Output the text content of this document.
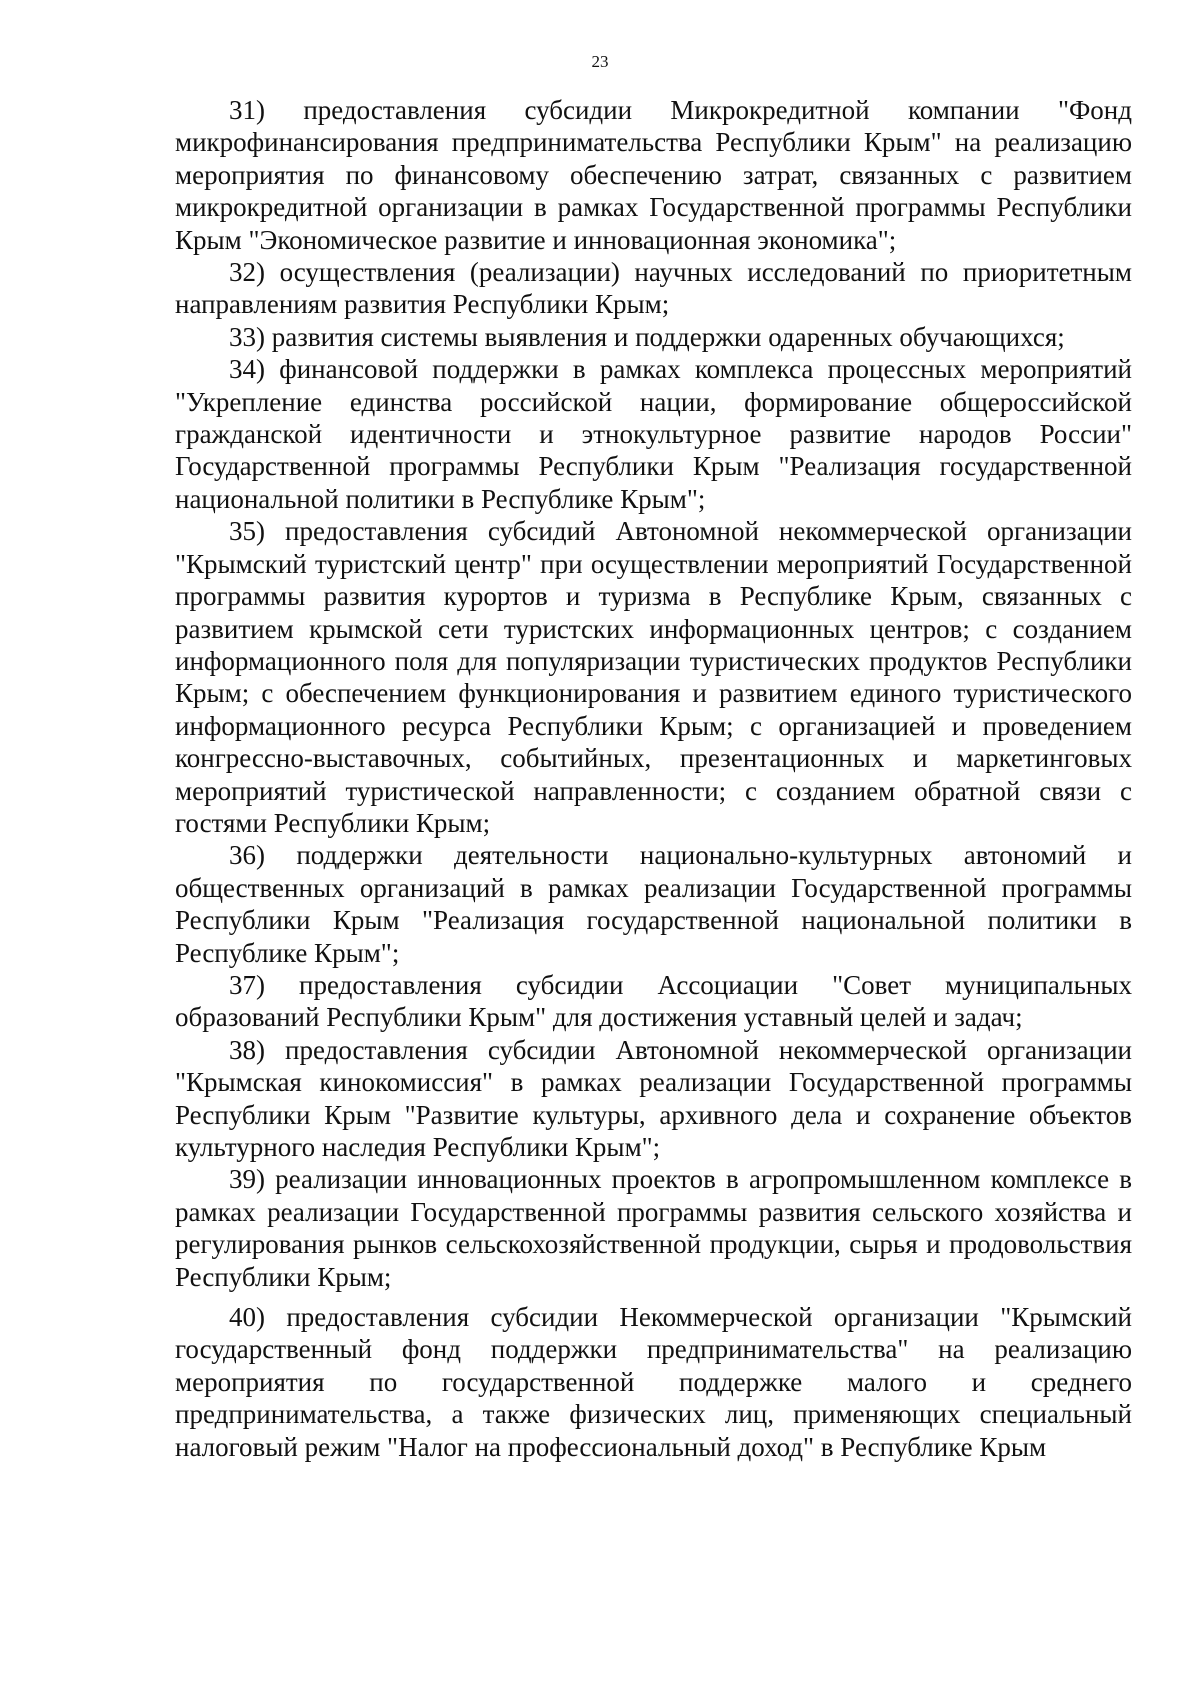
23

31) предоставления субсидии Микрокредитной компании "Фонд микрофинансирования предпринимательства Республики Крым" на реализацию мероприятия по финансовому обеспечению затрат, связанных с развитием микрокредитной организации в рамках Государственной программы Республики Крым "Экономическое развитие и инновационная экономика";

32) осуществления (реализации) научных исследований по приоритетным направлениям развития Республики Крым;

33) развития системы выявления и поддержки одаренных обучающихся;

34) финансовой поддержки в рамках комплекса процессных мероприятий "Укрепление единства российской нации, формирование общероссийской гражданской идентичности и этнокультурное развитие народов России" Государственной программы Республики Крым "Реализация государственной национальной политики в Республике Крым";

35) предоставления субсидий Автономной некоммерческой организации "Крымский туристский центр" при осуществлении мероприятий Государственной программы развития курортов и туризма в Республике Крым, связанных с развитием крымской сети туристских информационных центров; с созданием информационного поля для популяризации туристических продуктов Республики Крым; с обеспечением функционирования и развитием единого туристического информационного ресурса Республики Крым; с организацией и проведением конгрессно-выставочных, событийных, презентационных и маркетинговых мероприятий туристической направленности; с созданием обратной связи с гостями Республики Крым;

36) поддержки деятельности национально-культурных автономий и общественных организаций в рамках реализации Государственной программы Республики Крым "Реализация государственной национальной политики в Республике Крым";

37) предоставления субсидии Ассоциации "Совет муниципальных образований Республики Крым" для достижения уставный целей и задач;

38) предоставления субсидии Автономной некоммерческой организации "Крымская кинокомиссия" в рамках реализации Государственной программы Республики Крым "Развитие культуры, архивного дела и сохранение объектов культурного наследия Республики Крым";

39) реализации инновационных проектов в агропромышленном комплексе в рамках реализации Государственной программы развития сельского хозяйства и регулирования рынков сельскохозяйственной продукции, сырья и продовольствия Республики Крым;

40) предоставления субсидии Некоммерческой организации "Крымский государственный фонд поддержки предпринимательства" на реализацию мероприятия по государственной поддержке малого и среднего предпринимательства, а также физических лиц, применяющих специальный налоговый режим "Налог на профессиональный доход" в Республике Крым
